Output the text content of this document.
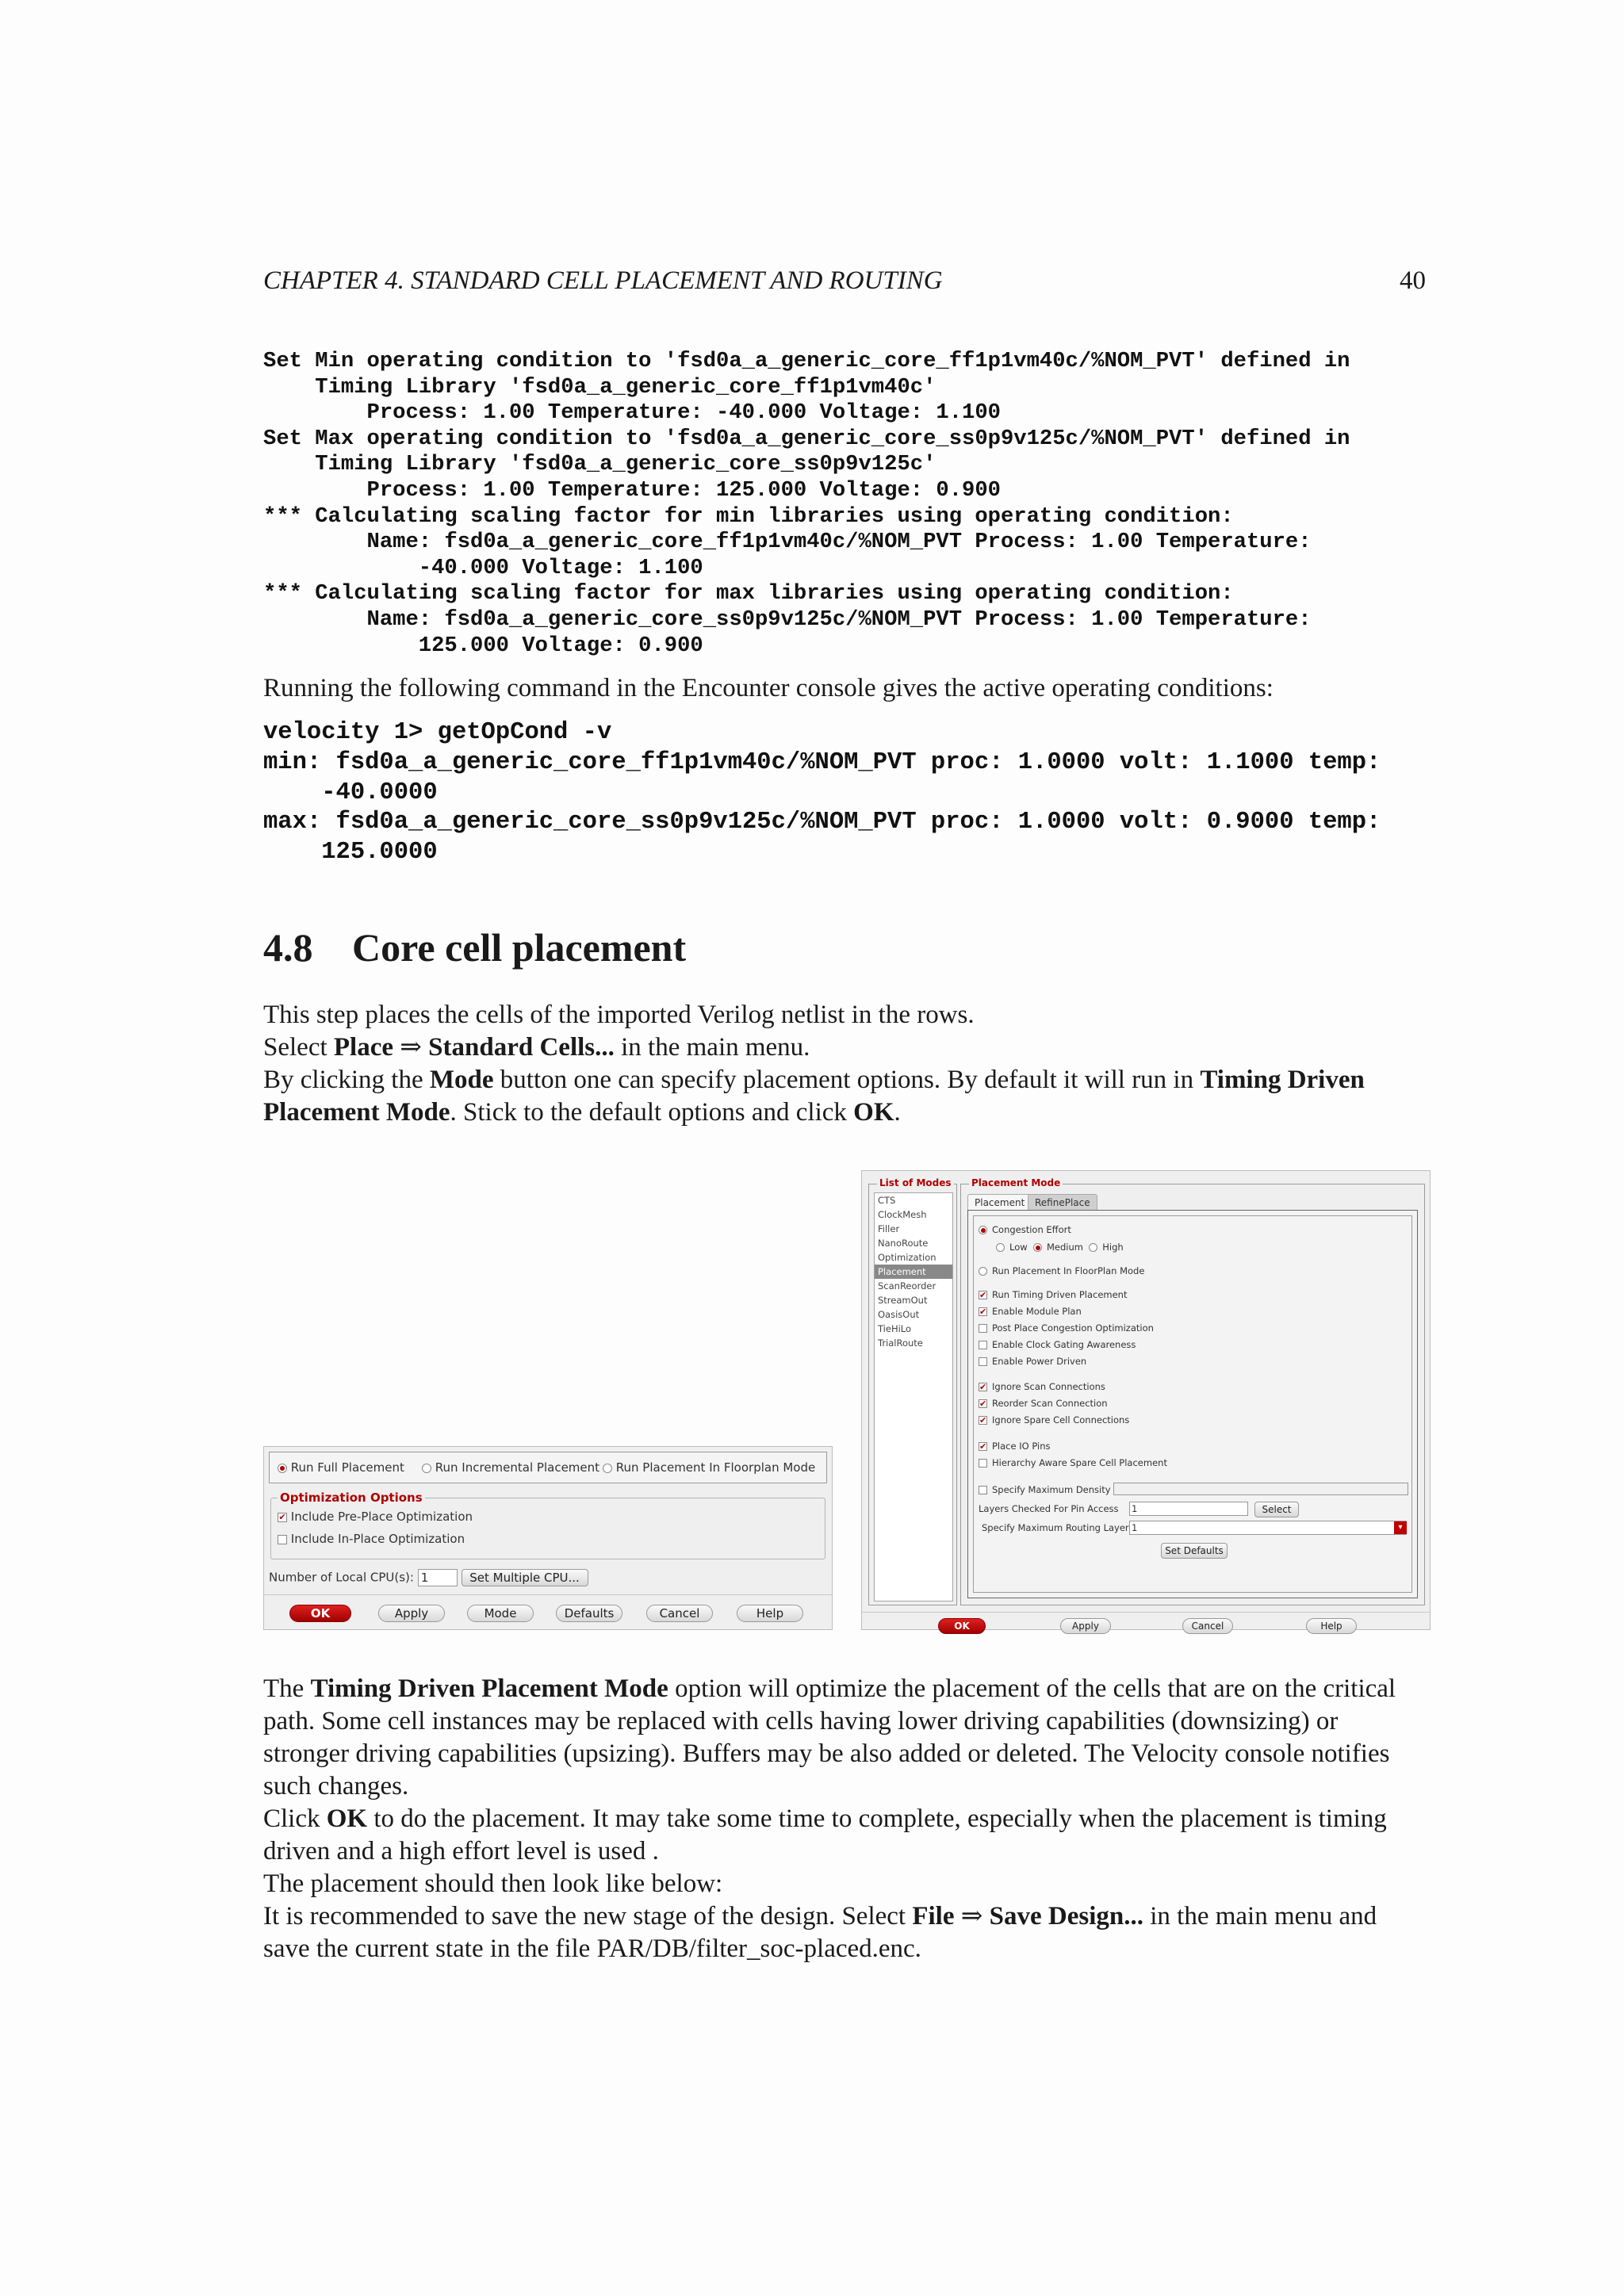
CHAPTER 4. STANDARD CELL PLACEMENT AND ROUTING	40
Set Min operating condition to 'fsd0a_a_generic_core_ff1p1vm40c/%NOM_PVT' defined in
Timing Library 'fsd0a_a_generic_core_ff1p1vm40c'
Process: 1.00 Temperature: -40.000 Voltage: 1.100
Set Max operating condition to 'fsd0a_a_generic_core_ss0p9v125c/%NOM_PVT' defined in
Timing Library 'fsd0a_a_generic_core_ss0p9v125c'
Process: 1.00 Temperature: 125.000 Voltage: 0.900
*** Calculating scaling factor for min libraries using operating condition:
Name: fsd0a_a_generic_core_ff1p1vm40c/%NOM_PVT Process: 1.00 Temperature:
-40.000 Voltage: 1.100
*** Calculating scaling factor for max libraries using operating condition:
Name: fsd0a_a_generic_core_ss0p9v125c/%NOM_PVT Process: 1.00 Temperature:
125.000 Voltage: 0.900
Running the following command in the Encounter console gives the active operating conditions:
velocity 1> getOpCond -v
min: fsd0a_a_generic_core_ff1p1vm40c/%NOM_PVT proc: 1.0000 volt: 1.1000 temp:
-40.0000
max: fsd0a_a_generic_core_ss0p9v125c/%NOM_PVT proc: 1.0000 volt: 0.9000 temp:
125.0000
4.8 Core cell placement
This step places the cells of the imported Verilog netlist in the rows.
Select Place ⇒ Standard Cells... in the main menu.
By clicking the Mode button one can specify placement options. By default it will run in Timing Driven
Placement Mode. Stick to the default options and click OK.
Run Full Placement	Run Incremental Placement	Run Placement In Floorplan Mode
Optimization Options
✔ Include Pre-Place Optimization
Include In-Place Optimization
Number of Local CPU(s): 1	Set Multiple CPU...
OK	Apply	Mode	Defaults	Cancel	Help
List of Modes
CTS
ClockMesh
Filler
NanoRoute
Optimization
Placement
ScanReorder
StreamOut
OasisOut
TieHiLo
TrialRoute
Placement Mode
Placement	RefinePlace
Congestion Effort
Low Medium High
Run Placement In FloorPlan Mode
✔ Run Timing Driven Placement
✔ Enable Module Plan
Post Place Congestion Optimization
Enable Clock Gating Awareness
Enable Power Driven
✔ Ignore Scan Connections
✔ Reorder Scan Connection
✔ Ignore Spare Cell Connections
✔ Place IO Pins
Hierarchy Aware Spare Cell Placement
Specify Maximum Density
Layers Checked For Pin Access 1	Select
Specify Maximum Routing Layer 1	▾
Set Defaults
OK	Apply	Cancel	Help
The Timing Driven Placement Mode option will optimize the placement of the cells that are on the critical
path. Some cell instances may be replaced with cells having lower driving capabilities (downsizing) or
stronger driving capabilities (upsizing). Buffers may be also added or deleted. The Velocity console notifies
such changes.
Click OK to do the placement. It may take some time to complete, especially when the placement is timing
driven and a high effort level is used .
The placement should then look like below:
It is recommended to save the new stage of the design. Select File ⇒ Save Design... in the main menu and
save the current state in the file PAR/DB/filter_soc-placed.enc.
